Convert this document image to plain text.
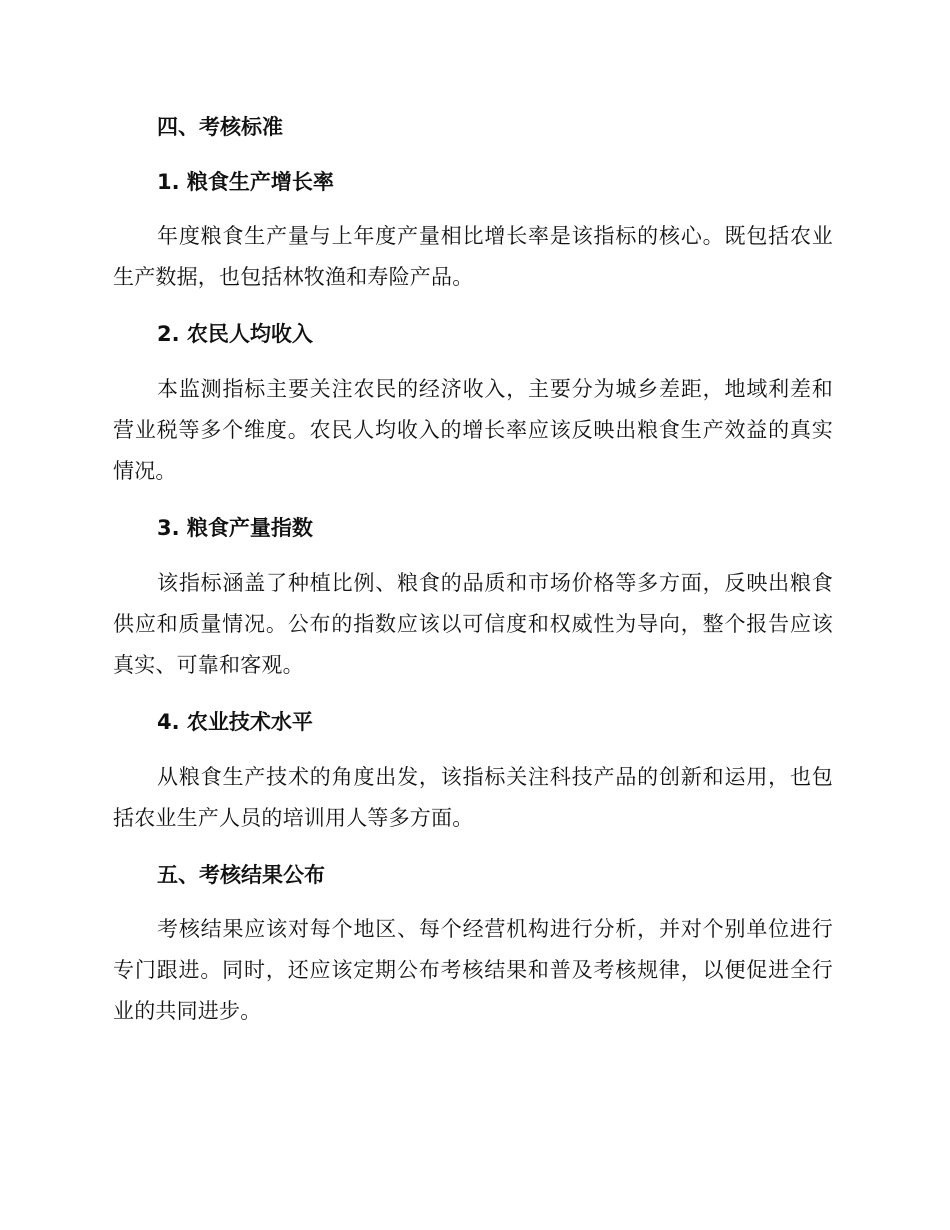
四、考核标准
1. 粮食生产增长率
年度粮食生产量与上年度产量相比增长率是该指标的核心。既包括农业生产数据，也包括林牧渔和寿险产品。
2. 农民人均收入
本监测指标主要关注农民的经济收入，主要分为城乡差距，地域利差和营业税等多个维度。农民人均收入的增长率应该反映出粮食生产效益的真实情况。
3. 粮食产量指数
该指标涵盖了种植比例、粮食的品质和市场价格等多方面，反映出粮食供应和质量情况。公布的指数应该以可信度和权威性为导向，整个报告应该真实、可靠和客观。
4. 农业技术水平
从粮食生产技术的角度出发，该指标关注科技产品的创新和运用，也包括农业生产人员的培训用人等多方面。
五、考核结果公布
考核结果应该对每个地区、每个经营机构进行分析，并对个别单位进行专门跟进。同时，还应该定期公布考核结果和普及考核规律，以便促进全行业的共同进步。
